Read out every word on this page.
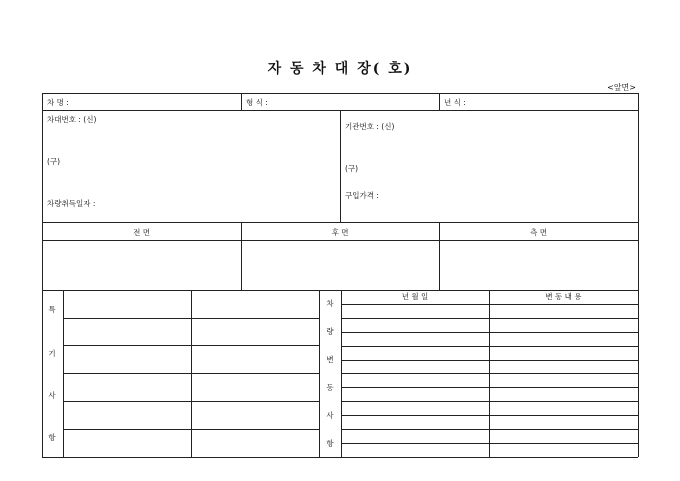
자 동 차 대 장( 호)
<앞면>
차 명 :	형 식 :	년 식 :
차대번호 : (신)
(구)
차량취득일자 :
기관번호 : (신)
(구)
구입가격 :
전 면	후 면	측 면
특
기
사
항
차
량
변
동
사
항
년 월 일	변 동 내 용
